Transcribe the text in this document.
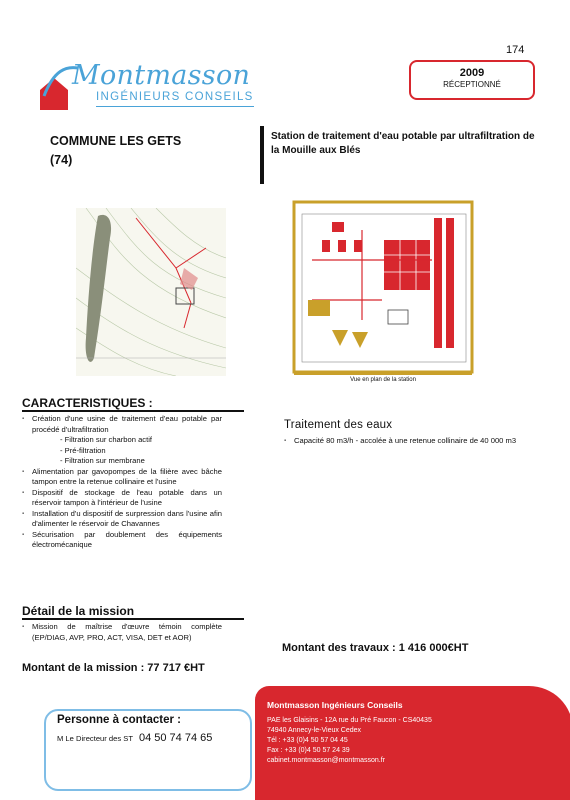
174
Montmasson
INGÉNIEURS CONSEILS
2009
RÉCEPTIONNÉ
COMMUNE LES GETS
(74)
Station de traitement d'eau potable par ultrafiltration de la Mouille aux Blés
Vue en plan de la station
CARACTERISTIQUES :
▪ Création d'une usine de traitement d'eau potable par procédé d'ultrafiltration
- Filtration sur charbon actif
- Pré-filtration
- Filtration sur membrane
▪ Alimentation par gavopompes de la filière avec bâche tampon entre la retenue collinaire et l'usine
▪ Dispositif de stockage de l'eau potable dans un réservoir tampon à l'intérieur de l'usine
▪ Installation d'u dispositif de surpression dans l'usine afin d'alimenter le réservoir de Chavannes
▪ Sécurisation par doublement des équipements électromécanique
Traitement des eaux
▪ Capacité 80 m3/h - accolée à une retenue collinaire de 40 000 m3
Détail de la mission
▪ Mission de maîtrise d'œuvre témoin complète (EP/DIAG, AVP, PRO, ACT, VISA, DET et AOR)
Montant des travaux : 1 416 000€HT
Montant de la mission : 77 717 €HT
Personne à contacter :
M Le Directeur des ST 04 50 74 74 65
Montmasson Ingénieurs Conseils
PAE les Glaisins - 12A rue du Pré Faucon - CS40435
74940 Annecy-le-Vieux Cedex
Tél : +33 (0)4 50 57 04 45
Fax : +33 (0)4 50 57 24 39
cabinet.montmasson@montmasson.fr
